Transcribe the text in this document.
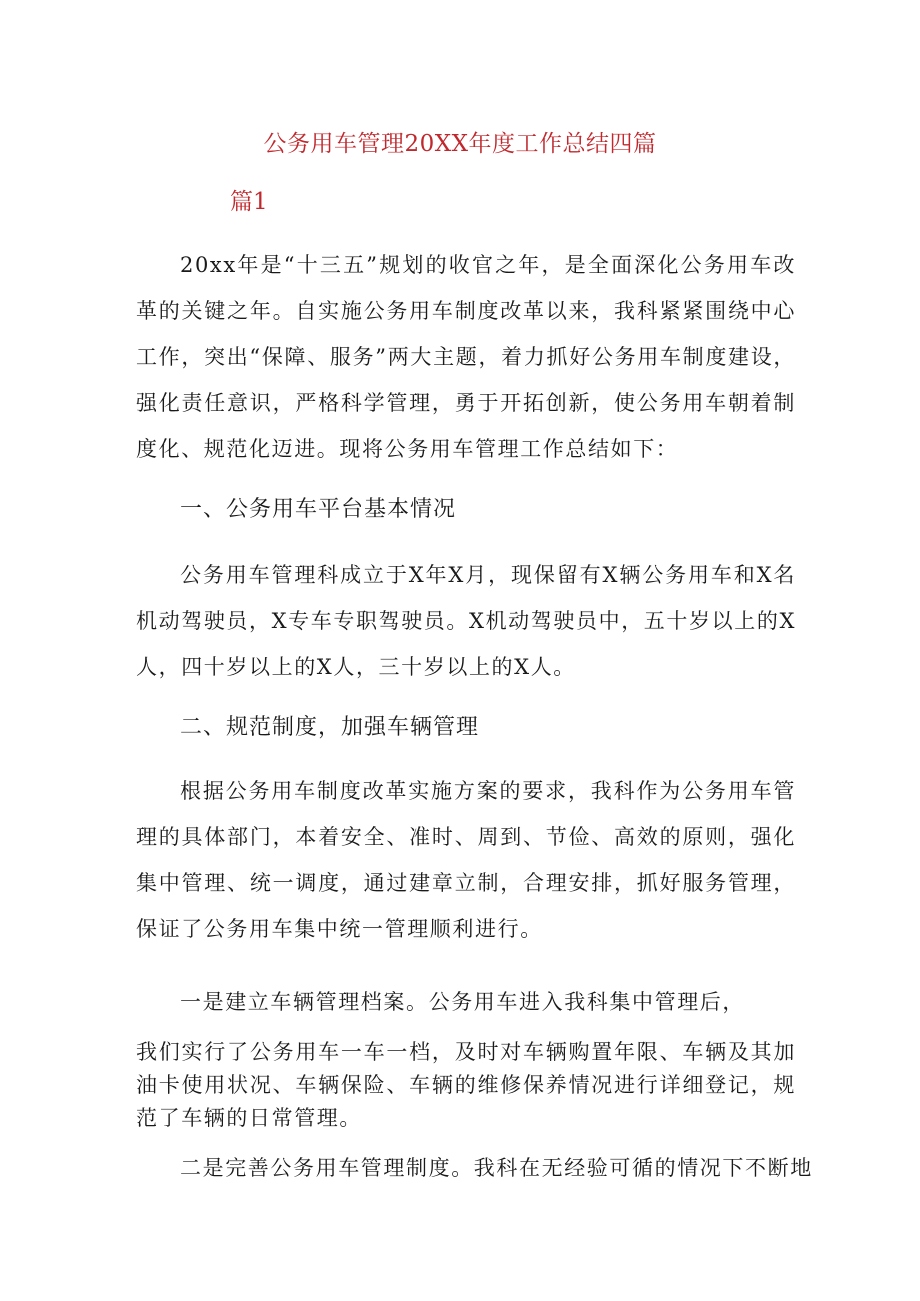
公务用车管理20XX年度工作总结四篇
篇1

20xx年是“十三五”规划的收官之年，是全面深化公务用车改革的关键之年。自实施公务用车制度改革以来，我科紧紧围绕中心工作，突出“保障、服务”两大主题，着力抓好公务用车制度建设，强化责任意识，严格科学管理，勇于开拓创新，使公务用车朝着制度化、规范化迈进。现将公务用车管理工作总结如下：

一、公务用车平台基本情况

公务用车管理科成立于X年X月，现保留有X辆公务用车和X名机动驾驶员，X专车专职驾驶员。X机动驾驶员中，五十岁以上的X人，四十岁以上的X人，三十岁以上的X人。

二、规范制度，加强车辆管理

根据公务用车制度改革实施方案的要求，我科作为公务用车管理的具体部门，本着安全、准时、周到、节俭、高效的原则，强化集中管理、统一调度，通过建章立制，合理安排，抓好服务管理，保证了公务用车集中统一管理顺利进行。

一是建立车辆管理档案。公务用车进入我科集中管理后，

我们实行了公务用车一车一档，及时对车辆购置年限、车辆及其加油卡使用状况、车辆保险、车辆的维修保养情况进行详细登记，规范了车辆的日常管理。

二是完善公务用车管理制度。我科在无经验可循的情况下不断地
